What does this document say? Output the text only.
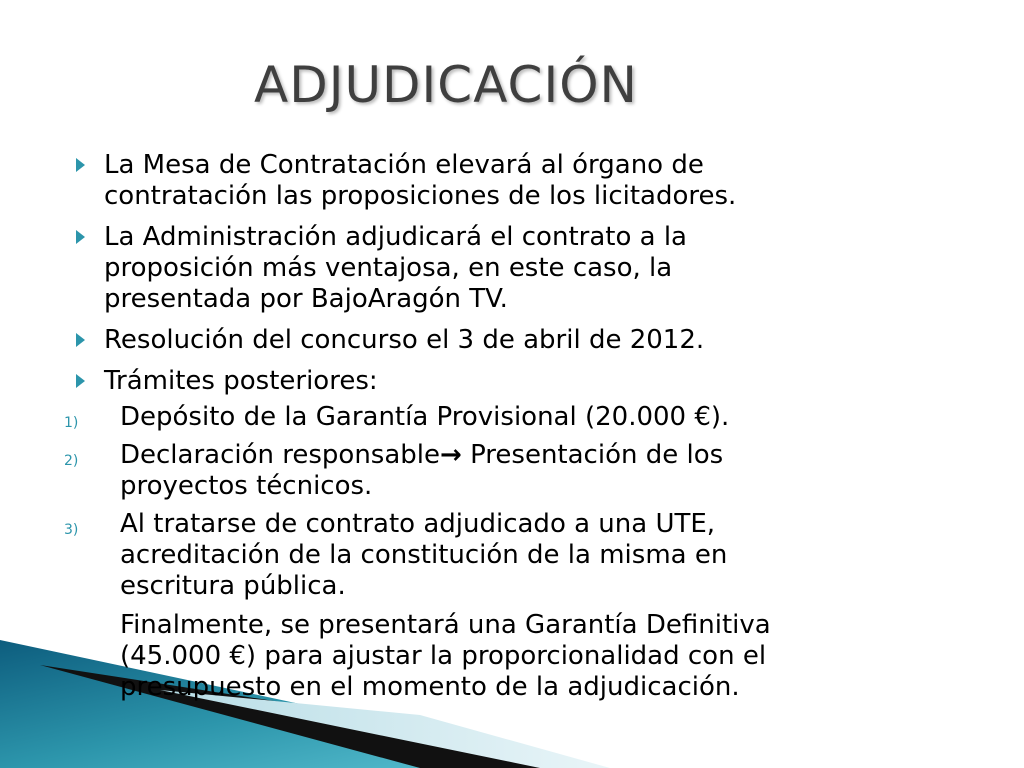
ADJUDICACIÓN
La Mesa de Contratación elevará al órgano de
contratación las proposiciones de los licitadores.
La Administración adjudicará el contrato a la
proposición más ventajosa, en este caso, la
presentada por BajoAragón TV.
Resolución del concurso el 3 de abril de 2012.
Trámites posteriores:
1) Depósito de la Garantía Provisional (20.000 €).
2) Declaración responsable→ Presentación de los
proyectos técnicos.
3) Al tratarse de contrato adjudicado a una UTE,
acreditación de la constitución de la misma en
escritura pública.
Finalmente, se presentará una Garantía Definitiva
(45.000 €) para ajustar la proporcionalidad con el
presupuesto en el momento de la adjudicación.
